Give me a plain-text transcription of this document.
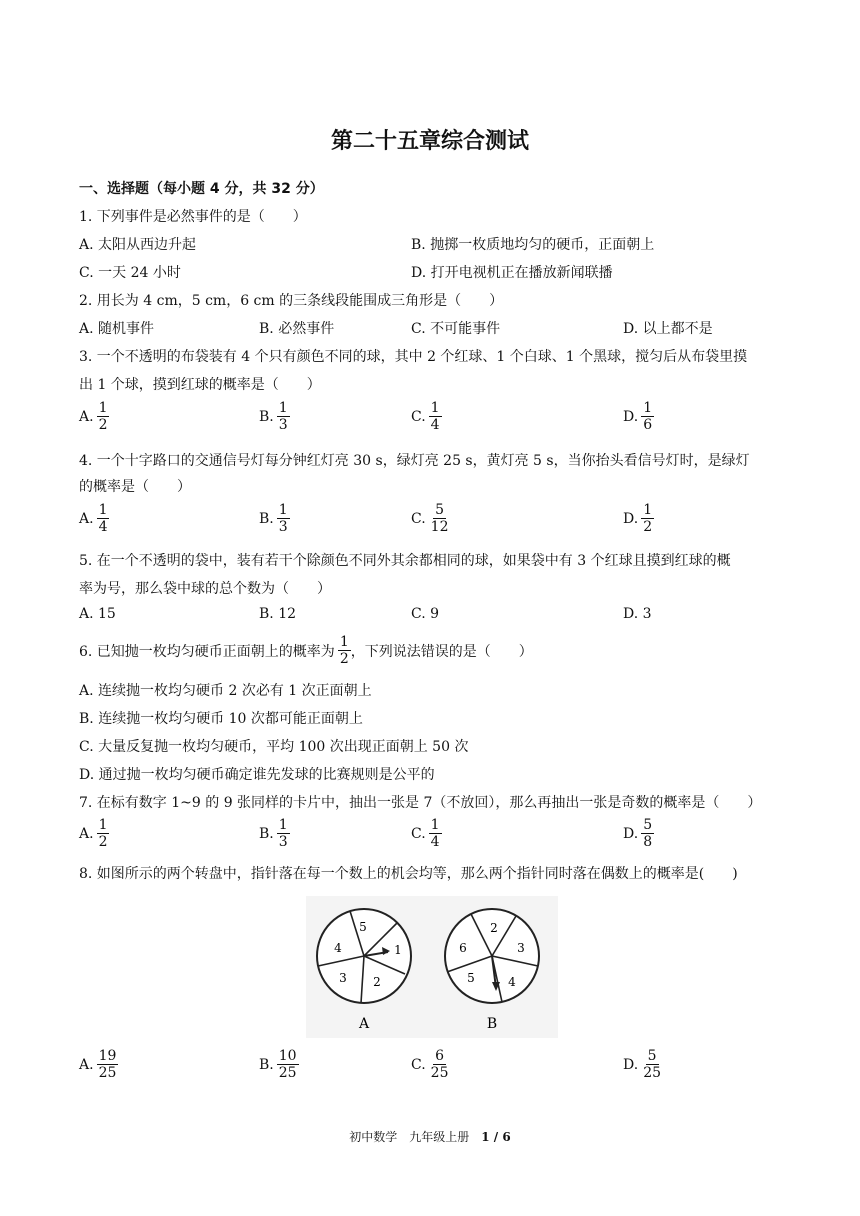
第二十五章综合测试
一、选择题（每小题 4 分，共 32 分）
1. 下列事件是必然事件的是（　　）
A. 太阳从西边升起	B. 抛掷一枚质地均匀的硬币，正面朝上
C. 一天 24 小时	D. 打开电视机正在播放新闻联播
2. 用长为 4 cm，5 cm，6 cm 的三条线段能围成三角形是（　　）
A. 随机事件	B. 必然事件	C. 不可能事件	D. 以上都不是
3. 一个不透明的布袋装有 4 个只有颜色不同的球，其中 2 个红球、1 个白球、1 个黑球，搅匀后从布袋里摸
出 1 个球，摸到红球的概率是（　　）
A. $\frac{1}{2}$	B. $\frac{1}{3}$	C. $\frac{1}{4}$	D. $\frac{1}{6}$
4. 一个十字路口的交通信号灯每分钟红灯亮 30 s，绿灯亮 25 s，黄灯亮 5 s，当你抬头看信号灯时，是绿灯
的概率是（　　）
A. $\frac{1}{4}$	B. $\frac{1}{3}$	C. $\frac{5}{12}$	D. $\frac{1}{2}$
5. 在一个不透明的袋中，装有若干个除颜色不同外其余都相同的球，如果袋中有 3 个红球且摸到红球的概
率为号，那么袋中球的总个数为（　　）
A. 15	B. 12	C. 9	D. 3
6. 已知抛一枚均匀硬币正面朝上的概率为 $\frac{1}{2}$ ，下列说法错误的是（　　）
A. 连续抛一枚均匀硬币 2 次必有 1 次正面朝上
B. 连续抛一枚均匀硬币 10 次都可能正面朝上
C. 大量反复抛一枚均匀硬币，平均 100 次出现正面朝上 50 次
D. 通过抛一枚均匀硬币确定谁先发球的比赛规则是公平的
7. 在标有数字 1~9 的 9 张同样的卡片中，抽出一张是 7（不放回），那么再抽出一张是奇数的概率是（　　）
A. $\frac{1}{2}$	B. $\frac{1}{3}$	C. $\frac{1}{4}$	D. $\frac{5}{8}$
8. 如图所示的两个转盘中，指针落在每一个数上的机会均等，那么两个指针同时落在偶数上的概率是(　　)
5
1
2
3
4
A
2
3
4
5
6
B
A. $\frac{19}{25}$	B. $\frac{10}{25}$	C. $\frac{6}{25}$	D. $\frac{5}{25}$
初中数学　九年级上册　1 / 6
